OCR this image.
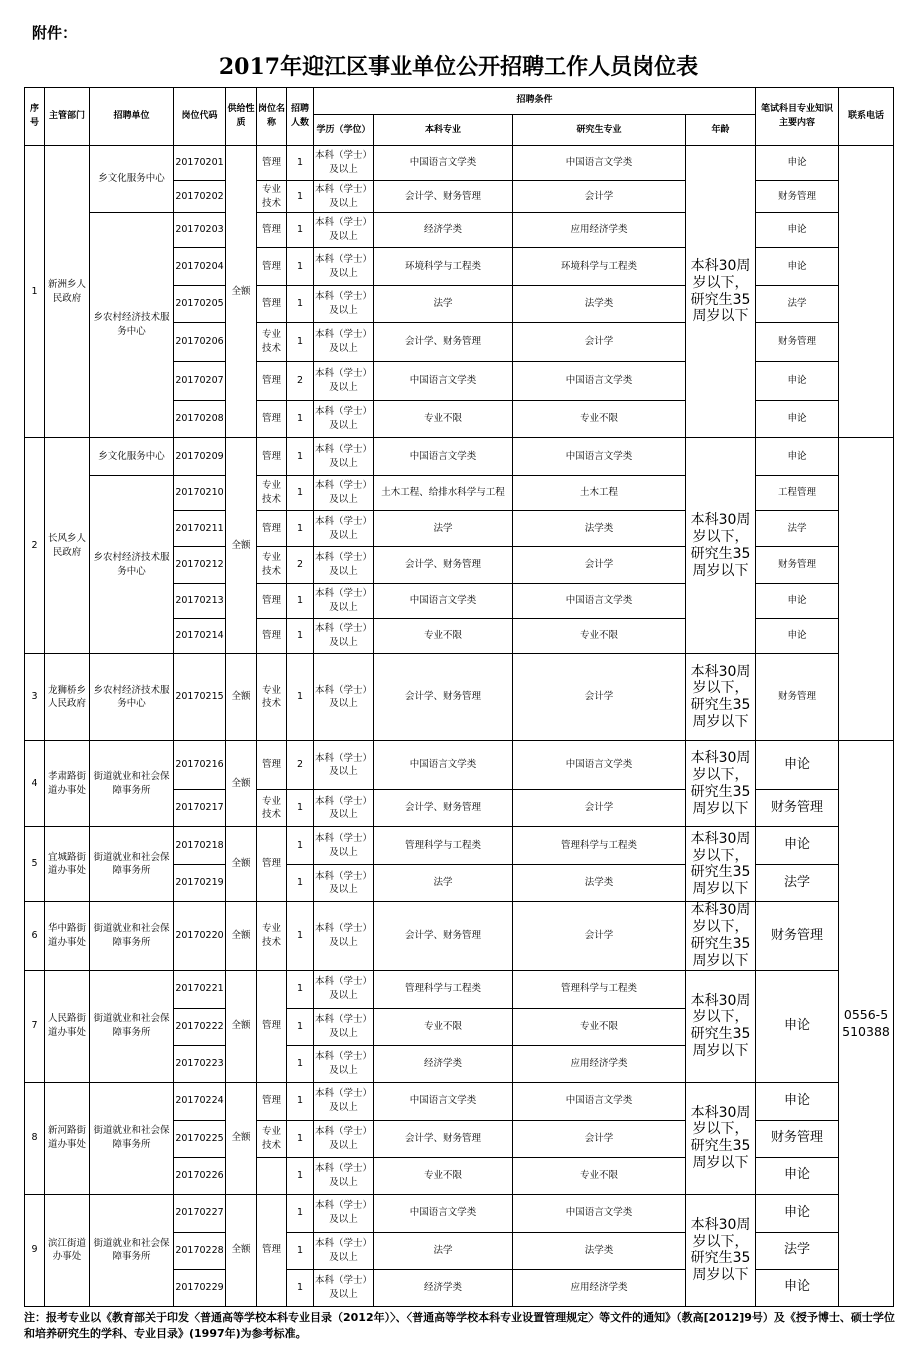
附件：
2017年迎江区事业单位公开招聘工作人员岗位表
序号	主管部门	招聘单位	岗位代码	供给性质	岗位名称	招聘人数	招聘条件				笔试科目专业知识主要内容	联系电话
							学历（学位）	本科专业	研究生专业	年龄		
1	新洲乡人民政府	乡文化服务中心	20170201	全额	管理	1	本科（学士）及以上	中国语言文学类	中国语言文学类	本科30周岁以下，研究生35周岁以下	申论	
			20170202		专业技术	1	本科（学士）及以上	会计学、财务管理	会计学		财务管理	
		乡农村经济技术服务中心	20170203		管理	1	本科（学士）及以上	经济学类	应用经济学类		申论	
			20170204		管理	1	本科（学士）及以上	环境科学与工程类	环境科学与工程类		申论	
			20170205		管理	1	本科（学士）及以上	法学	法学类		法学	
			20170206		专业技术	1	本科（学士）及以上	会计学、财务管理	会计学		财务管理	
			20170207		管理	2	本科（学士）及以上	中国语言文学类	中国语言文学类		申论	
			20170208		管理	1	本科（学士）及以上	专业不限	专业不限		申论	
2	长风乡人民政府	乡文化服务中心	20170209	全额	管理	1	本科（学士）及以上	中国语言文学类	中国语言文学类	本科30周岁以下，研究生35周岁以下	申论	
		乡农村经济技术服务中心	20170210		专业技术	1	本科（学士）及以上	土木工程、给排水科学与工程	土木工程		工程管理	
			20170211		管理	1	本科（学士）及以上	法学	法学类		法学	
			20170212		专业技术	2	本科（学士）及以上	会计学、财务管理	会计学		财务管理	
			20170213		管理	1	本科（学士）及以上	中国语言文学类	中国语言文学类		申论	
			20170214		管理	1	本科（学士）及以上	专业不限	专业不限		申论	
3	龙狮桥乡人民政府	乡农村经济技术服务中心	20170215	全额	专业技术	1	本科（学士）及以上	会计学、财务管理	会计学	本科30周岁以下，研究生35周岁以下	财务管理	
4	孝肃路街道办事处	街道就业和社会保障事务所	20170216	全额	管理	2	本科（学士）及以上	中国语言文学类	中国语言文学类	本科30周岁以下，研究生35周岁以下	申论	0556-5510388
			20170217		专业技术	1	本科（学士）及以上	会计学、财务管理	会计学		财务管理	
5	宜城路街道办事处	街道就业和社会保障事务所	20170218	全额	管理	1	本科（学士）及以上	管理科学与工程类	管理科学与工程类	本科30周岁以下，研究生35周岁以下	申论	
			20170219			1	本科（学士）及以上	法学	法学类		法学	
6	华中路街道办事处	街道就业和社会保障事务所	20170220	全额	专业技术	1	本科（学士）及以上	会计学、财务管理	会计学	本科30周岁以下，研究生35周岁以下	财务管理	
7	人民路街道办事处	街道就业和社会保障事务所	20170221	全额	管理	1	本科（学士）及以上	管理科学与工程类	管理科学与工程类	本科30周岁以下，研究生35周岁以下	申论	
			20170222			1	本科（学士）及以上	专业不限	专业不限			
			20170223			1	本科（学士）及以上	经济学类	应用经济学类			
8	新河路街道办事处	街道就业和社会保障事务所	20170224	全额	管理	1	本科（学士）及以上	中国语言文学类	中国语言文学类	本科30周岁以下，研究生35周岁以下	申论	
			20170225		专业技术	1	本科（学士）及以上	会计学、财务管理	会计学		财务管理	
			20170226			1	本科（学士）及以上	专业不限	专业不限		申论	
9	滨江街道办事处	街道就业和社会保障事务所	20170227	全额	管理	1	本科（学士）及以上	中国语言文学类	中国语言文学类	本科30周岁以下，研究生35周岁以下	申论	
			20170228			1	本科（学士）及以上	法学	法学类		法学	
			20170229			1	本科（学士）及以上	经济学类	应用经济学类		申论	
注：报考专业以《教育部关于印发〈普通高等学校本科专业目录（2012年）〉、〈普通高等学校本科专业设置管理规定〉等文件的通知》（教高[2012]9号）及《授予博士、硕士学位和培养研究生的学科、专业目录》(1997年)为参考标准。
